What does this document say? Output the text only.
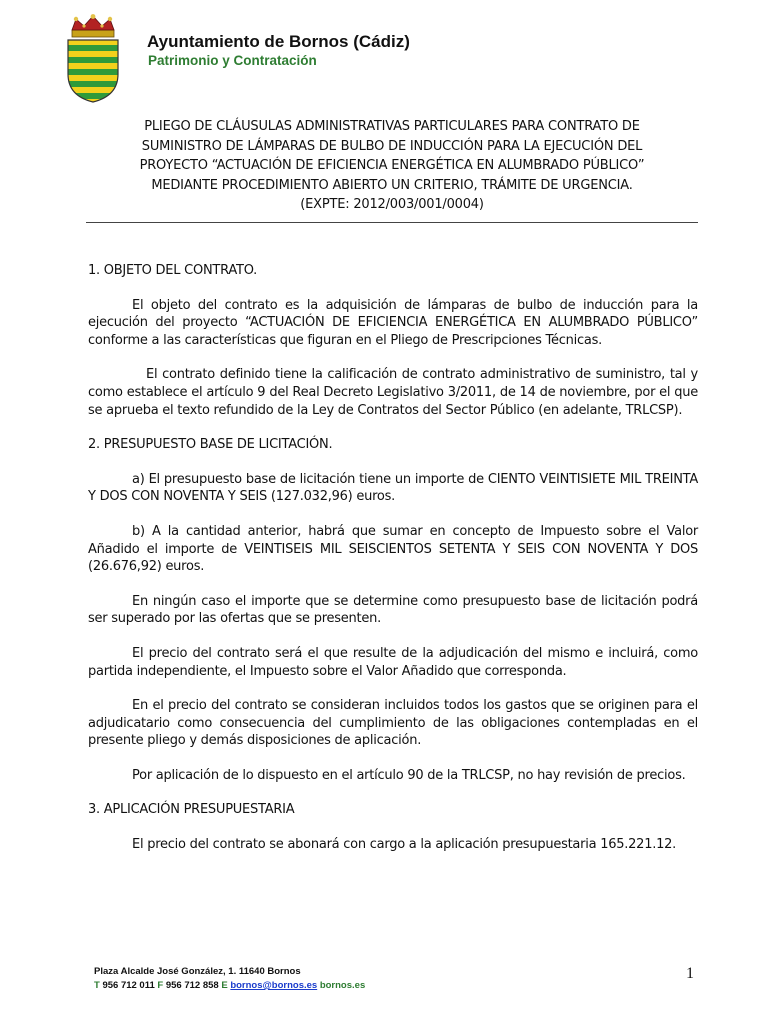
Ayuntamiento de Bornos (Cádiz)
Patrimonio y Contratación
PLIEGO DE CLÁUSULAS ADMINISTRATIVAS PARTICULARES PARA CONTRATO DE
SUMINISTRO DE LÁMPARAS DE BULBO DE INDUCCIÓN PARA LA EJECUCIÓN DEL
PROYECTO “ACTUACIÓN DE EFICIENCIA ENERGÉTICA EN ALUMBRADO PÚBLICO”
MEDIANTE PROCEDIMIENTO ABIERTO UN CRITERIO, TRÁMITE DE URGENCIA.
(EXPTE: 2012/003/001/0004)

1. OBJETO DEL CONTRATO.

El objeto del contrato es la adquisición de lámparas de bulbo de inducción para la ejecución del proyecto “ACTUACIÓN DE EFICIENCIA ENERGÉTICA EN ALUMBRADO PÚBLICO” conforme a las características que figuran en el Pliego de Prescripciones Técnicas.

El contrato definido tiene la calificación de contrato administrativo de suministro, tal y como establece el artículo 9 del Real Decreto Legislativo 3/2011, de 14 de noviembre, por el que se aprueba el texto refundido de la Ley de Contratos del Sector Público (en adelante, TRLCSP).

2. PRESUPUESTO BASE DE LICITACIÓN.

a) El presupuesto base de licitación tiene un importe de CIENTO VEINTISIETE MIL TREINTA Y DOS CON NOVENTA Y SEIS (127.032,96) euros.

b) A la cantidad anterior, habrá que sumar en concepto de Impuesto sobre el Valor Añadido el importe de VEINTISEIS MIL SEISCIENTOS SETENTA Y SEIS CON NOVENTA Y DOS (26.676,92) euros.

En ningún caso el importe que se determine como presupuesto base de licitación podrá ser superado por las ofertas que se presenten.

El precio del contrato será el que resulte de la adjudicación del mismo e incluirá, como partida independiente, el Impuesto sobre el Valor Añadido que corresponda.

En el precio del contrato se consideran incluidos todos los gastos que se originen para el adjudicatario como consecuencia del cumplimiento de las obligaciones contempladas en el presente pliego y demás disposiciones de aplicación.

Por aplicación de lo dispuesto en el artículo 90 de la TRLCSP, no hay revisión de precios.

3. APLICACIÓN PRESUPUESTARIA

El precio del contrato se abonará con cargo a la aplicación presupuestaria 165.221.12.

Plaza Alcalde José González, 1. 11640 Bornos
T 956 712 011 F 956 712 858 E bornos@bornos.es bornos.es
1
